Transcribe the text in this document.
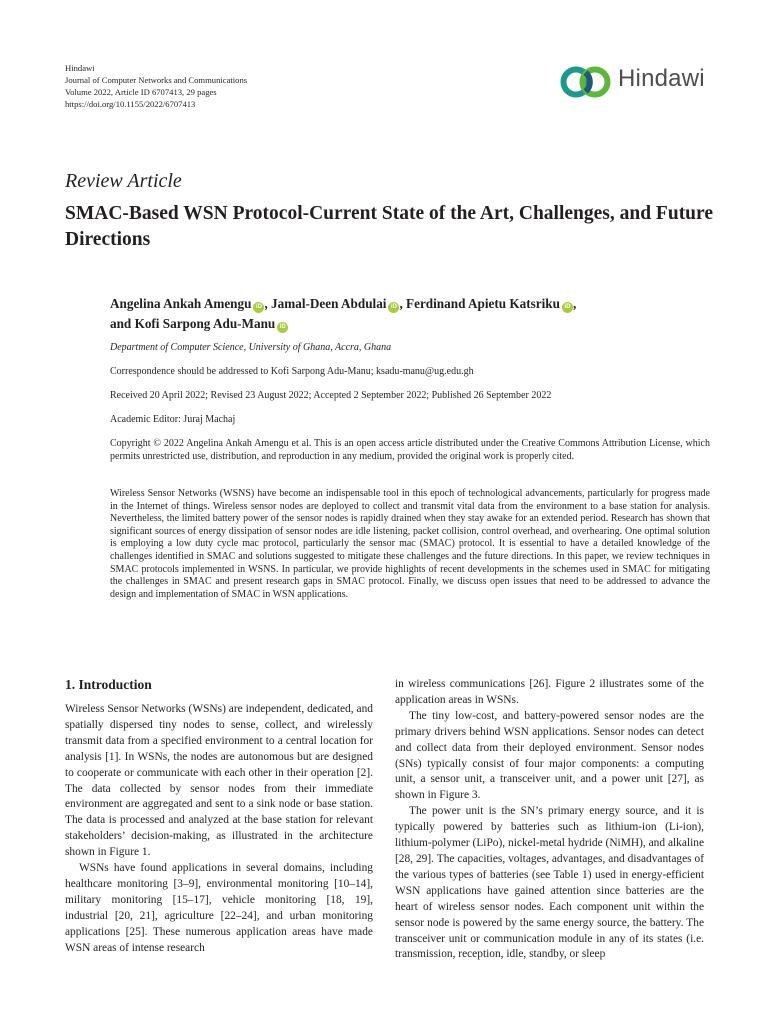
Hindawi
Journal of Computer Networks and Communications
Volume 2022, Article ID 6707413, 29 pages
https://doi.org/10.1155/2022/6707413
Hindawi
Review Article
SMAC-Based WSN Protocol-Current State of the Art, Challenges, and Future Directions
Angelina Ankah Amengu iD , Jamal-Deen Abdulai iD , Ferdinand Apietu Katsriku iD ,
and Kofi Sarpong Adu-Manu iD
Department of Computer Science, University of Ghana, Accra, Ghana
Correspondence should be addressed to Kofi Sarpong Adu-Manu; ksadu-manu@ug.edu.gh
Received 20 April 2022; Revised 23 August 2022; Accepted 2 September 2022; Published 26 September 2022
Academic Editor: Juraj Machaj
Copyright © 2022 Angelina Ankah Amengu et al. This is an open access article distributed under the Creative Commons Attribution License, which permits unrestricted use, distribution, and reproduction in any medium, provided the original work is properly cited.
Wireless Sensor Networks (WSNS) have become an indispensable tool in this epoch of technological advancements, particularly for progress made in the Internet of things. Wireless sensor nodes are deployed to collect and transmit vital data from the environment to a base station for analysis. Nevertheless, the limited battery power of the sensor nodes is rapidly drained when they stay awake for an extended period. Research has shown that significant sources of energy dissipation of sensor nodes are idle listening, packet collision, control overhead, and overhearing. One optimal solution is employing a low duty cycle mac protocol, particularly the sensor mac (SMAC) protocol. It is essential to have a detailed knowledge of the challenges identified in SMAC and solutions suggested to mitigate these challenges and the future directions. In this paper, we review techniques in SMAC protocols implemented in WSNS. In particular, we provide highlights of recent developments in the schemes used in SMAC for mitigating the challenges in SMAC and present research gaps in SMAC protocol. Finally, we discuss open issues that need to be addressed to advance the design and implementation of SMAC in WSN applications.
1. Introduction

Wireless Sensor Networks (WSNs) are independent, dedicated, and spatially dispersed tiny nodes to sense, collect, and wirelessly transmit data from a specified environment to a central location for analysis [1]. In WSNs, the nodes are autonomous but are designed to cooperate or communicate with each other in their operation [2]. The data collected by sensor nodes from their immediate environment are aggregated and sent to a sink node or base station. The data is processed and analyzed at the base station for relevant stakeholders’ decision-making, as illustrated in the architecture shown in Figure 1.

WSNs have found applications in several domains, including healthcare monitoring [3–9], environmental monitoring [10–14], military monitoring [15–17], vehicle monitoring [18, 19], industrial [20, 21], agriculture [22–24], and urban monitoring applications [25]. These numerous application areas have made WSN areas of intense research

in wireless communications [26]. Figure 2 illustrates some of the application areas in WSNs.

The tiny low-cost, and battery-powered sensor nodes are the primary drivers behind WSN applications. Sensor nodes can detect and collect data from their deployed environment. Sensor nodes (SNs) typically consist of four major components: a computing unit, a sensor unit, a transceiver unit, and a power unit [27], as shown in Figure 3.

The power unit is the SN’s primary energy source, and it is typically powered by batteries such as lithium-ion (Li-ion), lithium-polymer (LiPo), nickel-metal hydride (NiMH), and alkaline [28, 29]. The capacities, voltages, advantages, and disadvantages of the various types of batteries (see Table 1) used in energy-efficient WSN applications have gained attention since batteries are the heart of wireless sensor nodes. Each component unit within the sensor node is powered by the same energy source, the battery. The transceiver unit or communication module in any of its states (i.e. transmission, reception, idle, standby, or sleep
